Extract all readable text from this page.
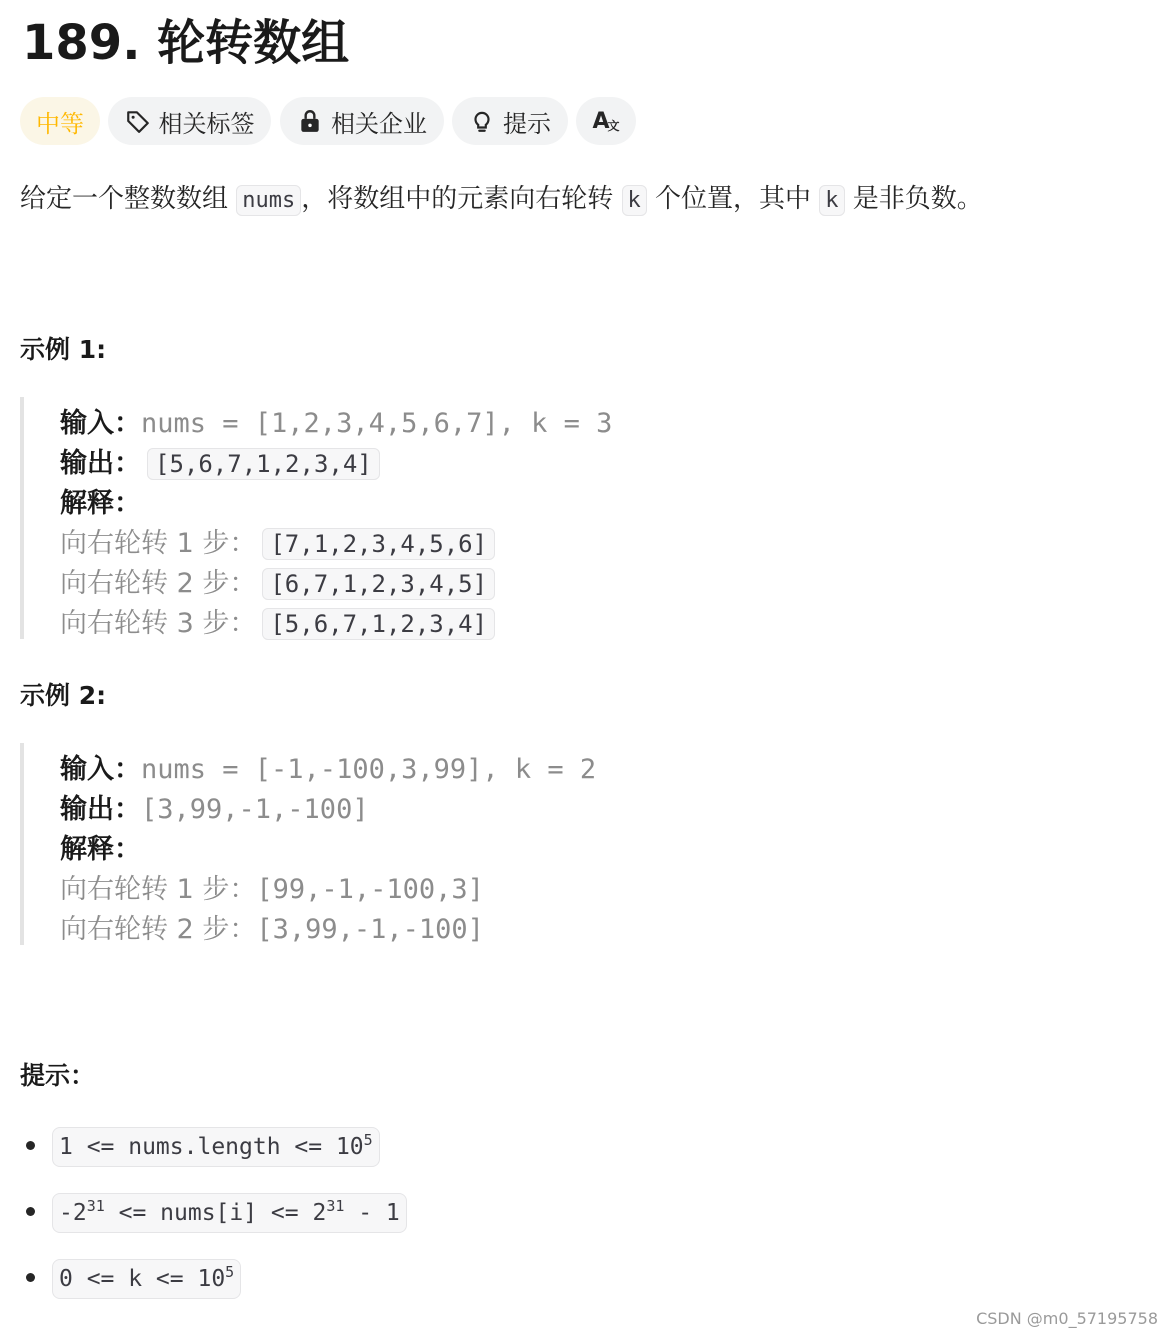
189. 轮转数组
中等	相关标签	相关企业	提示 A
文
给定一个整数数组 nums ，将数组中的元素向右轮转 k 个位置，其中 k 是非负数。
示例 1:
输入：nums = [1,2,3,4,5,6,7], k = 3
输出： [5,6,7,1,2,3,4]
解释：
向右轮转 1 步： [7,1,2,3,4,5,6]
向右轮转 2 步： [6,7,1,2,3,4,5]
向右轮转 3 步： [5,6,7,1,2,3,4]
示例 2:
输入：nums = [-1,-100,3,99], k = 2
输出：[3,99,-1,-100]
解释：
向右轮转 1 步：[99,-1,-100,3]
向右轮转 2 步：[3,99,-1,-100]
提示：
1 <= nums.length <= $10^5$
$-2^{31}$ <= nums[i] <= $2^{31} - 1$
$0 <= k <= 10^5$
CSDN @m0_57195758
